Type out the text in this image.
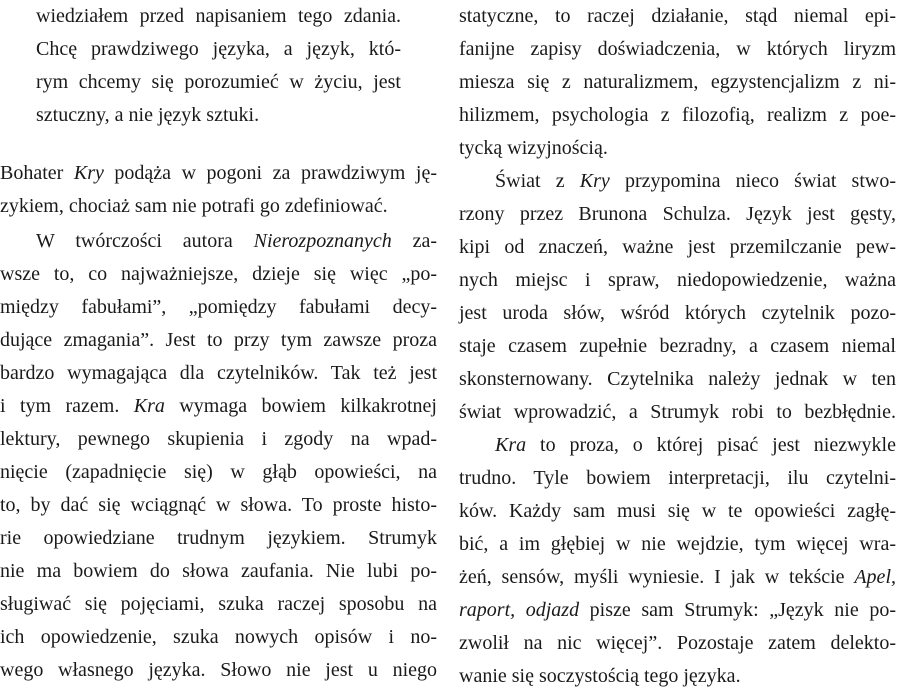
wiedziałem przed napisaniem tego zdania.
Chcę prawdziwego języka, a język, któ-
rym chcemy się porozumieć w życiu, jest
sztuczny, a nie język sztuki.
Bohater Kry podąża w pogoni za prawdziwym ję-
zykiem, chociaż sam nie potrafi go zdefiniować.
W twórczości autora Nierozpoznanych za-
wsze to, co najważniejsze, dzieje się więc „po-
między fabułami”, „pomiędzy fabułami decy-
dujące zmagania”. Jest to przy tym zawsze proza
bardzo wymagająca dla czytelników. Tak też jest
i tym razem. Kra wymaga bowiem kilkakrotnej
lektury, pewnego skupienia i zgody na wpad-
nięcie (zapadnięcie się) w głąb opowieści, na
to, by dać się wciągnąć w słowa. To proste histo-
rie opowiedziane trudnym językiem. Strumyk
nie ma bowiem do słowa zaufania. Nie lubi po-
sługiwać się pojęciami, szuka raczej sposobu na
ich opowiedzenie, szuka nowych opisów i no-
wego własnego języka. Słowo nie jest u niego
statyczne, to raczej działanie, stąd niemal epi-
fanijne zapisy doświadczenia, w których liryzm
miesza się z naturalizmem, egzystencjalizm z ni-
hilizmem, psychologia z filozofią, realizm z poe-
tycką wizyjnością.
Świat z Kry przypomina nieco świat stwo-
rzony przez Brunona Schulza. Język jest gęsty,
kipi od znaczeń, ważne jest przemilczanie pew-
nych miejsc i spraw, niedopowiedzenie, ważna
jest uroda słów, wśród których czytelnik pozo-
staje czasem zupełnie bezradny, a czasem niemal
skonsternowany. Czytelnika należy jednak w ten
świat wprowadzić, a Strumyk robi to bezbłędnie.
Kra to proza, o której pisać jest niezwykle
trudno. Tyle bowiem interpretacji, ilu czytelni-
ków. Każdy sam musi się w te opowieści zagłę-
bić, a im głębiej w nie wejdzie, tym więcej wra-
żeń, sensów, myśli wyniesie. I jak w tekście Apel,
raport, odjazd pisze sam Strumyk: „Język nie po-
zwolił na nic więcej”. Pozostaje zatem delekto-
wanie się soczystością tego języka.
